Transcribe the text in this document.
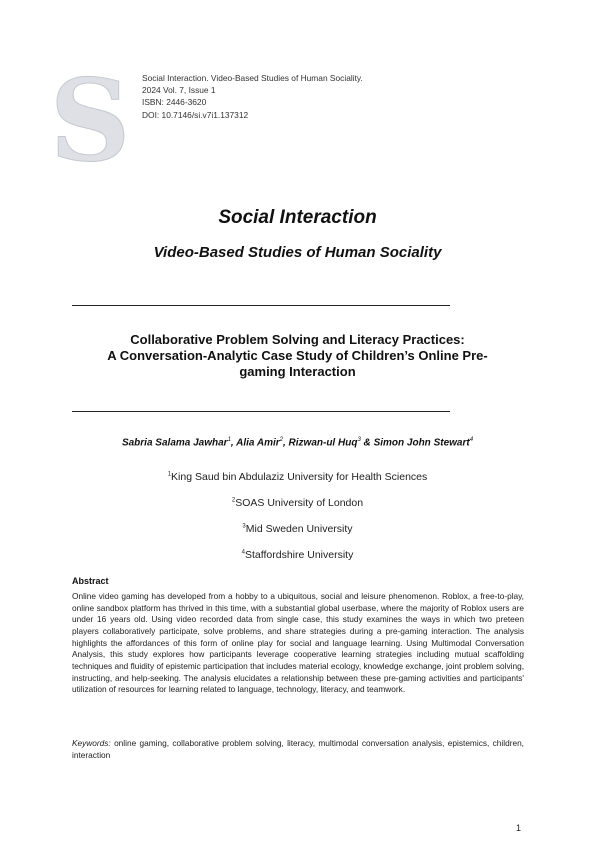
S Social Interaction. Video-Based Studies of Human Sociality.
2024 Vol. 7, Issue 1
ISBN: 2446-3620
DOI: 10.7146/si.v7i1.137312
Social Interaction
Video-Based Studies of Human Sociality
Collaborative Problem Solving and Literacy Practices:
A Conversation-Analytic Case Study of Children’s Online Pre-
gaming Interaction
Sabria Salama Jawhar$^1$, Alia Amir$^2$, Rizwan-ul Huq$^3$ & Simon John Stewart$^4$
$^1$King Saud bin Abdulaziz University for Health Sciences
$^2$SOAS University of London
$^3$Mid Sweden University
$^4$Staffordshire University
Abstract
Online video gaming has developed from a hobby to a ubiquitous, social and leisure phenomenon. Roblox, a free-to-play, online sandbox platform has thrived in this time, with a substantial global userbase, where the majority of Roblox users are under 16 years old. Using video recorded data from single case, this study examines the ways in which two preteen players collaboratively participate, solve problems, and share strategies during a pre-gaming interaction. The analysis highlights the affordances of this form of online play for social and language learning. Using Multimodal Conversation Analysis, this study explores how participants leverage cooperative learning strategies including mutual scaffolding techniques and fluidity of epistemic participation that includes material ecology, knowledge exchange, joint problem solving, instructing, and help-seeking. The analysis elucidates a relationship between these pre-gaming activities and participants' utilization of resources for learning related to language, technology, literacy, and teamwork.
Keywords: online gaming, collaborative problem solving, literacy, multimodal conversation analysis, epistemics, children, interaction
1
